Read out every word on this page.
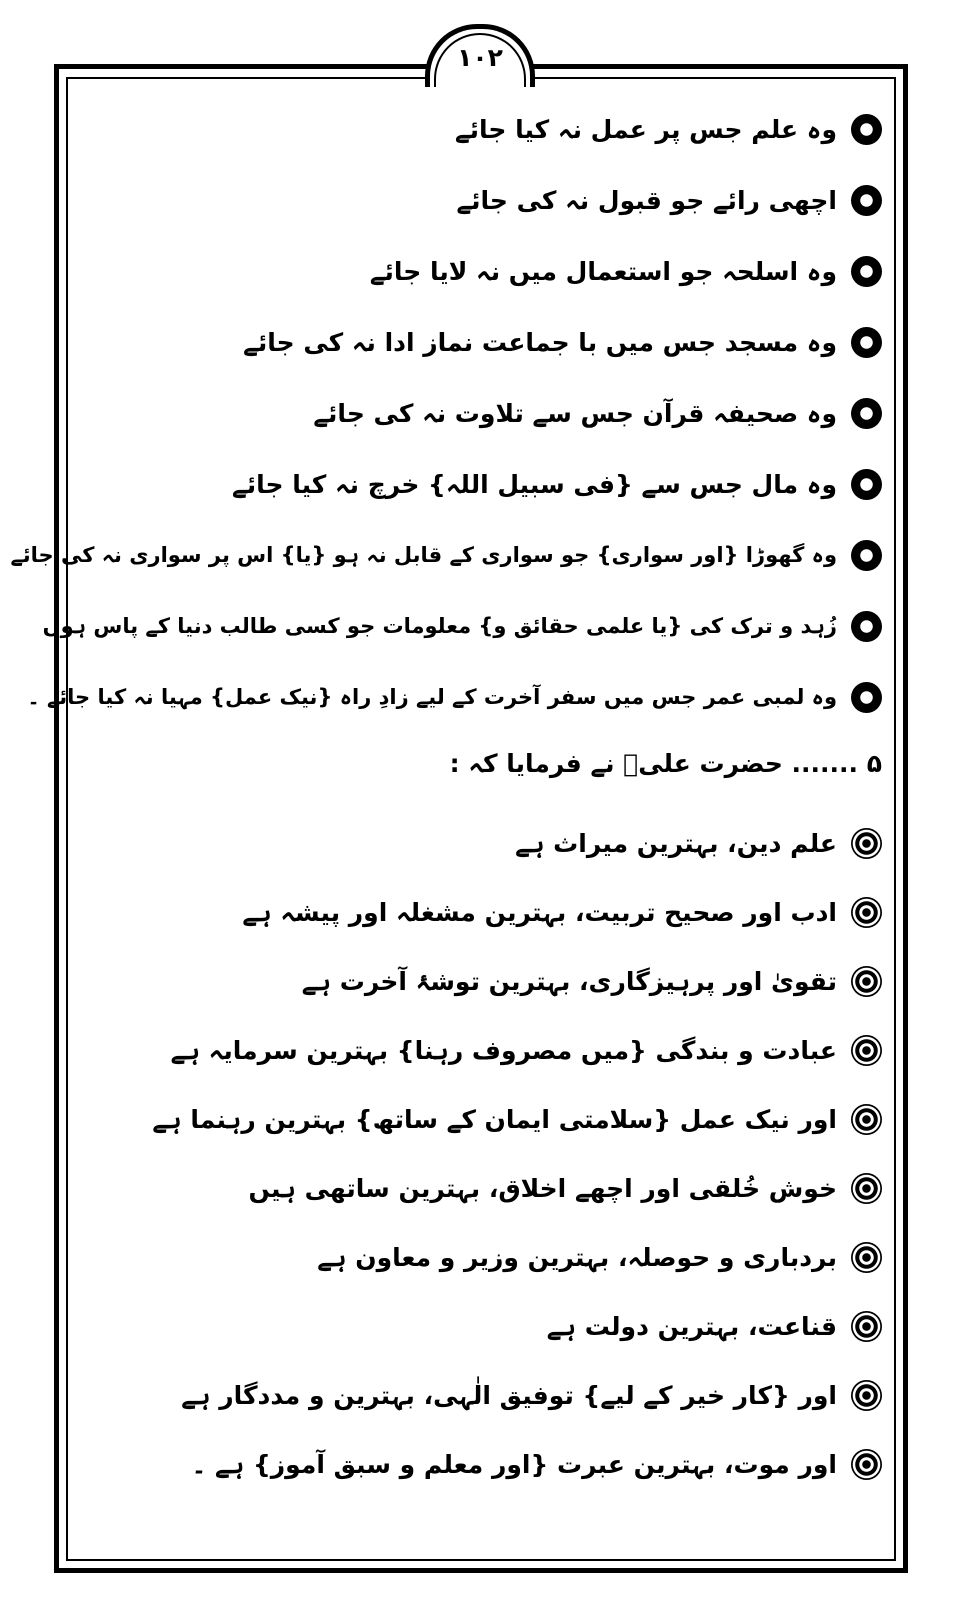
۱۰۲
وہ علم جس پر عمل نہ کیا جائے
اچھی رائے جو قبول نہ کی جائے
وہ اسلحہ جو استعمال میں نہ لایا جائے
وہ مسجد جس میں با جماعت نماز ادا نہ کی جائے
وہ صحیفہ قرآن جس سے تلاوت نہ کی جائے
وہ مال جس سے {فی سبیل اللہ} خرچ نہ کیا جائے
وہ گھوڑا {اور سواری} جو سواری کے قابل نہ ہو {یا} اس پر سواری نہ کی جائے
زُہد و ترک کی {یا علمی حقائق و} معلومات جو کسی طالب دنیا کے پاس ہوں
وہ لمبی عمر جس میں سفر آخرت کے لیے زادِ راہ {نیک عمل} مہیا نہ کیا جائے ۔
۵ ....... حضرت علیؓ نے فرمایا کہ :
علم دین، بہترین میراث ہے
ادب اور صحیح تربیت، بہترین مشغلہ اور پیشہ ہے
تقویٰ اور پرہیزگاری، بہترین توشۂ آخرت ہے
عبادت و بندگی {میں مصروف رہنا} بہترین سرمایہ ہے
اور نیک عمل {سلامتی ایمان کے ساتھ} بہترین رہنما ہے
خوش خُلقی اور اچھے اخلاق، بہترین ساتھی ہیں
بردباری و حوصلہ، بہترین وزیر و معاون ہے
قناعت، بہترین دولت ہے
اور {کار خیر کے لیے} توفیق الٰہی، بہترین و مددگار ہے
اور موت، بہترین عبرت {اور معلم و سبق آموز} ہے ۔
